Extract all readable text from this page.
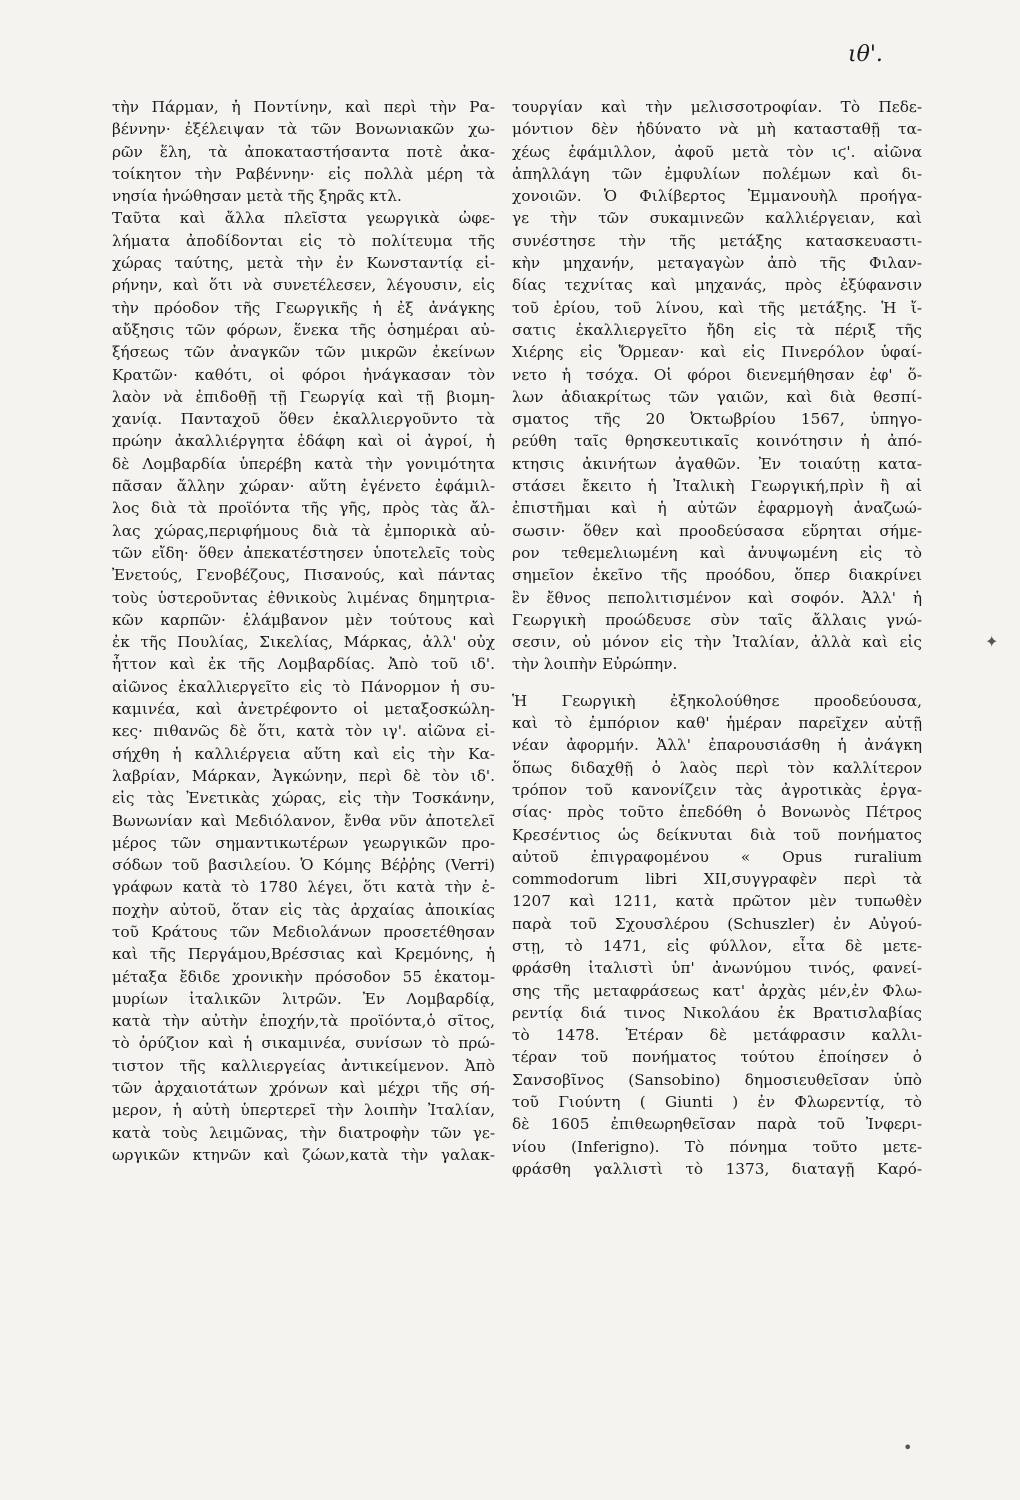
ιθ'.
τὴν Πάρμαν, ἡ Ποντίνην, καὶ περὶ τὴν Ρα-
βέννην· ἐξέλειψαν τὰ τῶν Βονωνιακῶν χω-
ρῶν ἕλη, τὰ ἀποκαταστήσαντα ποτὲ ἀκα-
τοίκητον τὴν Ραβέννην· εἰς πολλὰ μέρη τὰ
νησία ἡνώθησαν μετὰ τῆς ξηρᾶς κτλ.
Ταῦτα καὶ ἄλλα πλεῖστα γεωργικὰ ὠφε-
λήματα ἀποδίδονται εἰς τὸ πολίτευμα τῆς
χώρας ταύτης, μετὰ τὴν ἐν Κωνσταντίᾳ εἰ-
ρήνην, καὶ ὅτι νὰ συνετέλεσεν, λέγουσιν, εἰς
τὴν πρόοδον τῆς Γεωργικῆς ἡ ἐξ ἀνάγκης
αὔξησις τῶν φόρων, ἕνεκα τῆς ὁσημέραι αὐ-
ξήσεως τῶν ἀναγκῶν τῶν μικρῶν ἐκείνων
Κρατῶν· καθότι, οἱ φόροι ἠνάγκασαν τὸν
λαὸν νὰ ἐπιδοθῇ τῇ Γεωργίᾳ καὶ τῇ βιομη-
χανίᾳ. Πανταχοῦ ὅθεν ἐκαλλιεργοῦντο τὰ
πρώην ἀκαλλιέργητα ἐδάφη καὶ οἱ ἀγροί, ἡ
δὲ Λομβαρδία ὑπερέβη κατὰ τὴν γονιμότητα
πᾶσαν ἄλλην χώραν· αὕτη ἐγένετο ἐφάμιλ-
λος διὰ τὰ προϊόντα τῆς γῆς, πρὸς τὰς ἄλ-
λας χώρας,περιφήμους διὰ τὰ ἐμπορικὰ αὐ-
τῶν εἴδη· ὅθεν ἀπεκατέστησεν ὑποτελεῖς τοὺς
Ἐνετούς, Γενοβέζους, Πισανούς, καὶ πάντας
τοὺς ὑστεροῦντας ἐθνικοὺς λιμένας δημητρια-
κῶν καρπῶν· ἐλάμβανον μὲν τούτους καὶ
ἐκ τῆς Πουλίας, Σικελίας, Μάρκας, ἀλλ' οὐχ
ἧττον καὶ ἐκ τῆς Λομβαρδίας. Ἀπὸ τοῦ ιδ'.
αἰῶνος ἐκαλλιεργεῖτο εἰς τὸ Πάνορμον ἡ συ-
καμινέα, καὶ ἀνετρέφοντο οἱ μεταξοσκώλη-
κες· πιθανῶς δὲ ὅτι, κατὰ τὸν ιγ'. αἰῶνα εἰ-
σήχθη ἡ καλλιέργεια αὕτη καὶ εἰς τὴν Κα-
λαβρίαν, Μάρκαν, Ἀγκώνην, περὶ δὲ τὸν ιδ'.
εἰς τὰς Ἐνετικὰς χώρας, εἰς τὴν Τοσκάνην,
Βωνωνίαν καὶ Μεδιόλανον, ἔνθα νῦν ἀποτελεῖ
μέρος τῶν σημαντικωτέρων γεωργικῶν προ-
σόδων τοῦ βασιλείου. Ὁ Κόμης Βέῤῥης (Verri)
γράφων κατὰ τὸ 1780 λέγει, ὅτι κατὰ τὴν ἐ-
ποχὴν αὐτοῦ, ὅταν εἰς τὰς ἀρχαίας ἀποικίας
τοῦ Κράτους τῶν Μεδιολάνων προσετέθησαν
καὶ τῆς Περγάμου,Βρέσσιας καὶ Κρεμόνης, ἡ
μέταξα ἔδιδε χρονικὴν πρόσοδον 55 ἑκατομ-
μυρίων ἰταλικῶν λιτρῶν. Ἐν Λομβαρδίᾳ,
κατὰ τὴν αὐτὴν ἐποχήν,τὰ προϊόντα,ὁ σῖτος,
τὸ ὀρύζιον καὶ ἡ σικαμινέα, συνίσων τὸ πρώ-
τιστον τῆς καλλιεργείας ἀντικείμενον. Ἀπὸ
τῶν ἀρχαιοτάτων χρόνων καὶ μέχρι τῆς σή-
μερον, ἡ αὐτὴ ὑπερτερεῖ τὴν λοιπὴν Ἰταλίαν,
κατὰ τοὺς λειμῶνας, τὴν διατροφὴν τῶν γε-
ωργικῶν κτηνῶν καὶ ζώων,κατὰ τὴν γαλακ-
τουργίαν καὶ τὴν μελισσοτροφίαν. Τὸ Πεδε-
μόντιον δὲν ἠδύνατο νὰ μὴ κατασταθῇ τα-
χέως ἐφάμιλλον, ἀφοῦ μετὰ τὸν ιϛ'. αἰῶνα
ἀπηλλάγη τῶν ἐμφυλίων πολέμων καὶ δι-
χονοιῶν. Ὁ Φιλίβερτος Ἐμμανουὴλ προήγα-
γε τὴν τῶν συκαμινεῶν καλλιέργειαν, καὶ
συνέστησε τὴν τῆς μετάξης κατασκευαστι-
κὴν μηχανήν, μεταγαγὼν ἀπὸ τῆς Φιλαν-
δίας τεχνίτας καὶ μηχανάς, πρὸς ἐξύφανσιν
τοῦ ἐρίου, τοῦ λίνου, καὶ τῆς μετάξης. Ἡ ἴ-
σατις ἐκαλλιεργεῖτο ἤδη εἰς τὰ πέριξ τῆς
Χιέρης εἰς Ὄρμεαν· καὶ εἰς Πινερόλον ὑφαί-
νετο ἡ τσόχα. Οἱ φόροι διενεμήθησαν ἐφ' ὅ-
λων ἀδιακρίτως τῶν γαιῶν, καὶ διὰ θεσπί-
σματος τῆς 20 Ὀκτωβρίου 1567, ὑπηγο-
ρεύθη ταῖς θρησκευτικαῖς κοινότησιν ἡ ἀπό-
κτησις ἀκινήτων ἀγαθῶν. Ἐν τοιαύτῃ κατα-
στάσει ἔκειτο ἡ Ἰταλικὴ Γεωργική,πρὶν ἢ αἱ
ἐπιστῆμαι καὶ ἡ αὐτῶν ἐφαρμογὴ ἀναζωώ-
σωσιν· ὅθεν καὶ προοδεύσασα εὕρηται σήμε-
ρον τεθεμελιωμένη καὶ ἀνυψωμένη εἰς τὸ
σημεῖον ἐκεῖνο τῆς προόδου, ὅπερ διακρίνει
ἓν ἔθνος πεπολιτισμένον καὶ σοφόν. Ἀλλ' ἡ
Γεωργικὴ προώδευσε σὺν ταῖς ἄλλαις γνώ-
σεσιν, οὐ μόνον εἰς τὴν Ἰταλίαν, ἀλλὰ καὶ εἰς
τὴν λοιπὴν Εὐρώπην.
Ἡ Γεωργικὴ ἐξηκολούθησε προοδεύουσα,
καὶ τὸ ἐμπόριον καθ' ἡμέραν παρεῖχεν αὐτῇ
νέαν ἀφορμήν. Ἀλλ' ἐπαρουσιάσθη ἡ ἀνάγκη
ὅπως διδαχθῇ ὁ λαὸς περὶ τὸν καλλίτερον
τρόπον τοῦ κανονίζειν τὰς ἀγροτικὰς ἐργα-
σίας· πρὸς τοῦτο ἐπεδόθη ὁ Βονωνὸς Πέτρος
Κρεσέντιος ὡς δείκνυται διὰ τοῦ πονήματος
αὐτοῦ ἐπιγραφομένου « Opus ruralium
commodorum libri XII,συγγραφὲν περὶ τὰ
1207 καὶ 1211, κατὰ πρῶτον μὲν τυπωθὲν
παρὰ τοῦ Σχουσλέρου (Schuszler) ἐν Αὐγού-
στῃ, τὸ 1471, εἰς φύλλον, εἶτα δὲ μετε-
φράσθη ἰταλιστὶ ὑπ' ἀνωνύμου τινός, φανεί-
σης τῆς μεταφράσεως κατ' ἀρχὰς μέν,ἐν Φλω-
ρεντίᾳ διά τινος Νικολάου ἐκ Βρατισλαβίας
τὸ 1478. Ἑτέραν δὲ μετάφρασιν καλλι-
τέραν τοῦ πονήματος τούτου ἐποίησεν ὁ
Σανσοβῖνος (Sansobino) δημοσιευθεῖσαν ὑπὸ
τοῦ Γιούντη ( Giunti ) ἐν Φλωρεντίᾳ, τὸ
δὲ 1605 ἐπιθεωρηθεῖσαν παρὰ τοῦ Ἰνφερι-
νίου (Inferigno). Τὸ πόνημα τοῦτο μετε-
φράσθη γαλλιστὶ τὸ 1373, διαταγῇ Καρό-
✦
•
